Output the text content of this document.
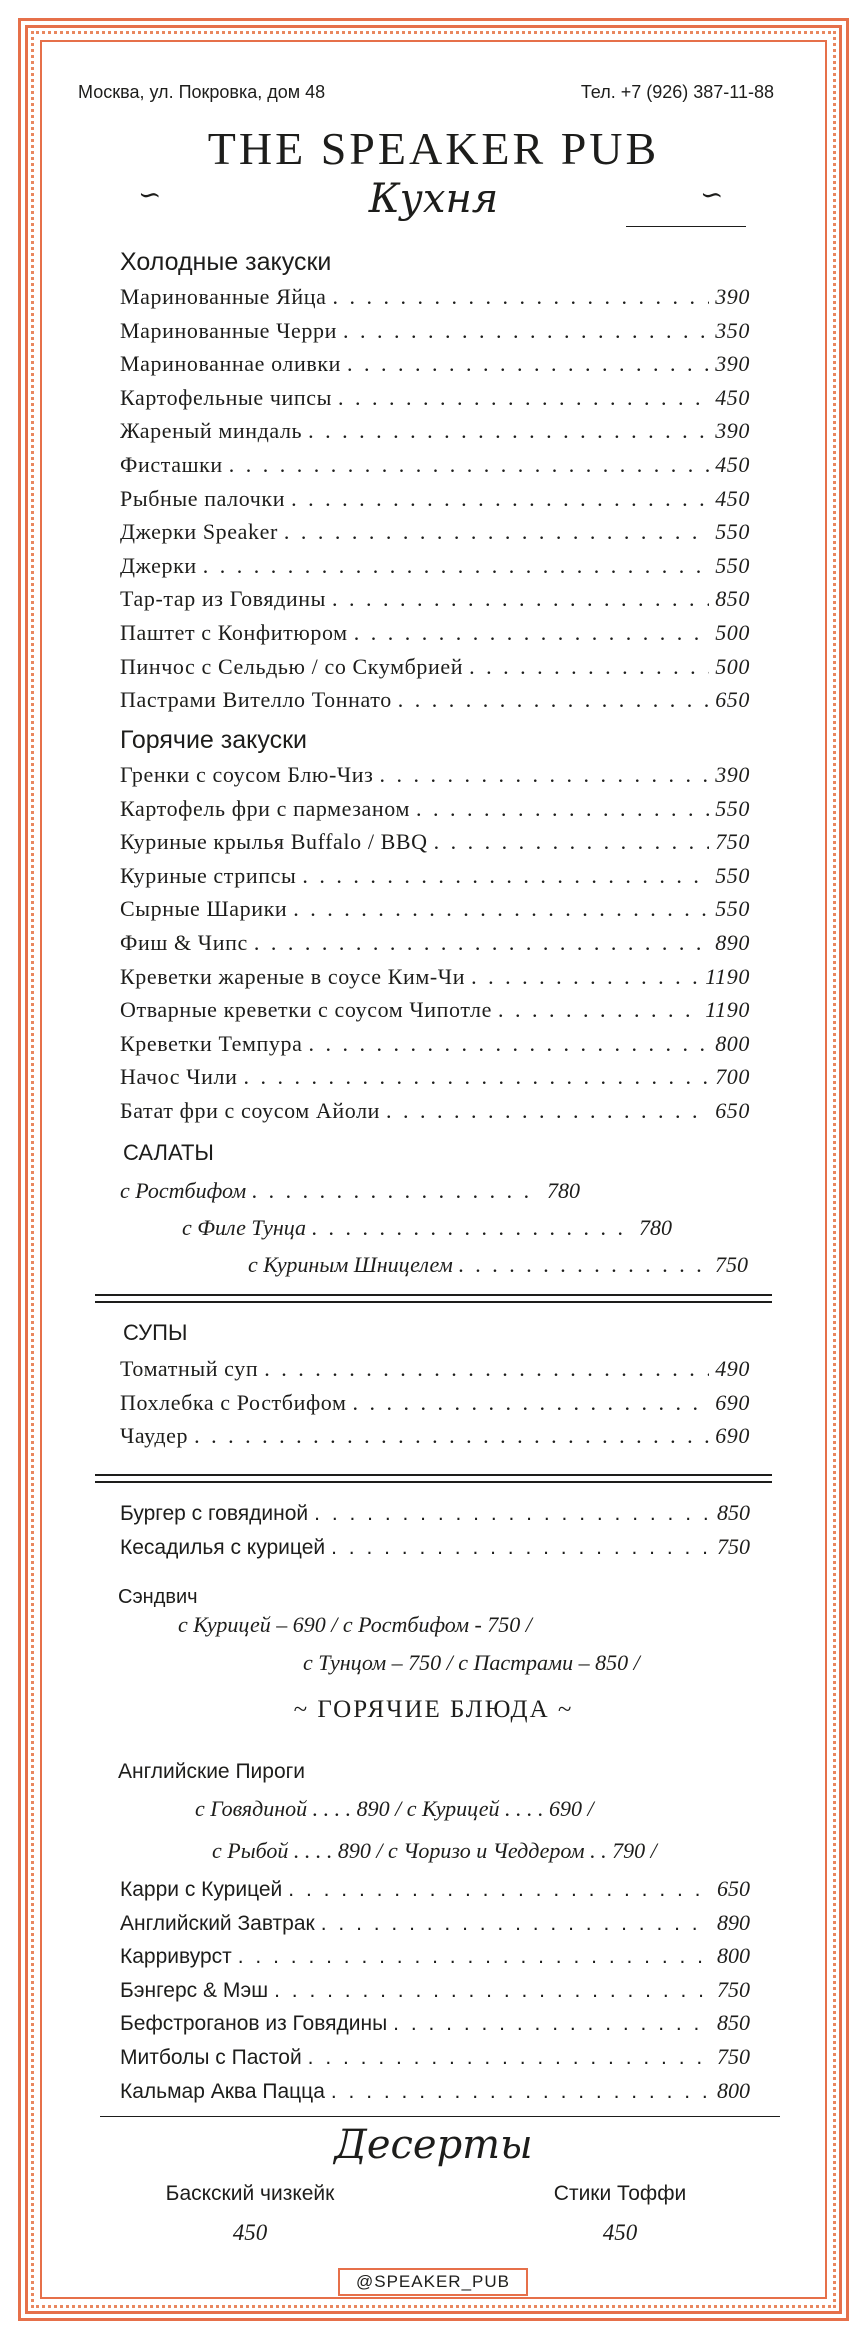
Москва, ул. Покровка, дом 48	Тел. +7 (926) 387-11-88
THE SPEAKER PUB
∽	∽
Кухня
Холодные закуски
Маринованные Яйца . . .	390
Маринованные Черри . . .	350
Маринованнае оливки . . .	390
Картофельные чипсы . . .	450
Жареный миндаль . . .	390
Фисташки . . .	450
Рыбные палочки . . .	450
Джерки Speaker . . .	550
Джерки . . .	550
Тар-тар из Говядины . . .	850
Паштет с Конфитюром . . .	500
Пинчос с Сельдью / со Скумбрией . . .	500
Пастрами Вителло Тоннато . . .	650
Горячие закуски
Гренки с соусом Блю-Чиз . . .	390
Картофель фри с пармезаном . . .	550
Куриные крылья Buffalo / BBQ . . .	750
Куриные стрипсы . . .	550
Сырные Шарики . . .	550
Фиш & Чипс . . .	890
Креветки жареные в соусе Ким-Чи . . .	1190
Отварные креветки с соусом Чипотле . . .	1190
Креветки Темпура . . .	800
Начос Чили . . .	700
Батат фри с соусом Айоли . . .	650
САЛАТЫ
с Ростбифом . . .	780
с Филе Тунца . . .	780
с Куриным Шницелем . . .	750
СУПЫ
Томатный суп . . .	490
Похлебка с Ростбифом . . .	690
Чаудер . . .	690
Бургер с говядиной . . .	850
Кесадилья с курицей . . .	750
Сэндвич
с Курицей – 690 / с Ростбифом - 750 /
с Тунцом – 750 / с Пастрами – 850 /
~ ГОРЯЧИЕ БЛЮДА ~
Английские Пироги
с Говядиной . . . . 890 / с Курицей . . . . 690 /
с Рыбой . . . . 890 / с Чоризо и Чеддером . . 790 /
Карри с Курицей . . .	650
Английский Завтрак . . .	890
Карривурст . . .	800
Бэнгерс & Мэш . . .	750
Бефстроганов из Говядины . . .	850
Митболы с Пастой . . .	750
Кальмар Аква Пацца . . .	800
Десерты
Баскский чизкейк
450
Стики Тоффи
450
@SPEAKER_PUB
